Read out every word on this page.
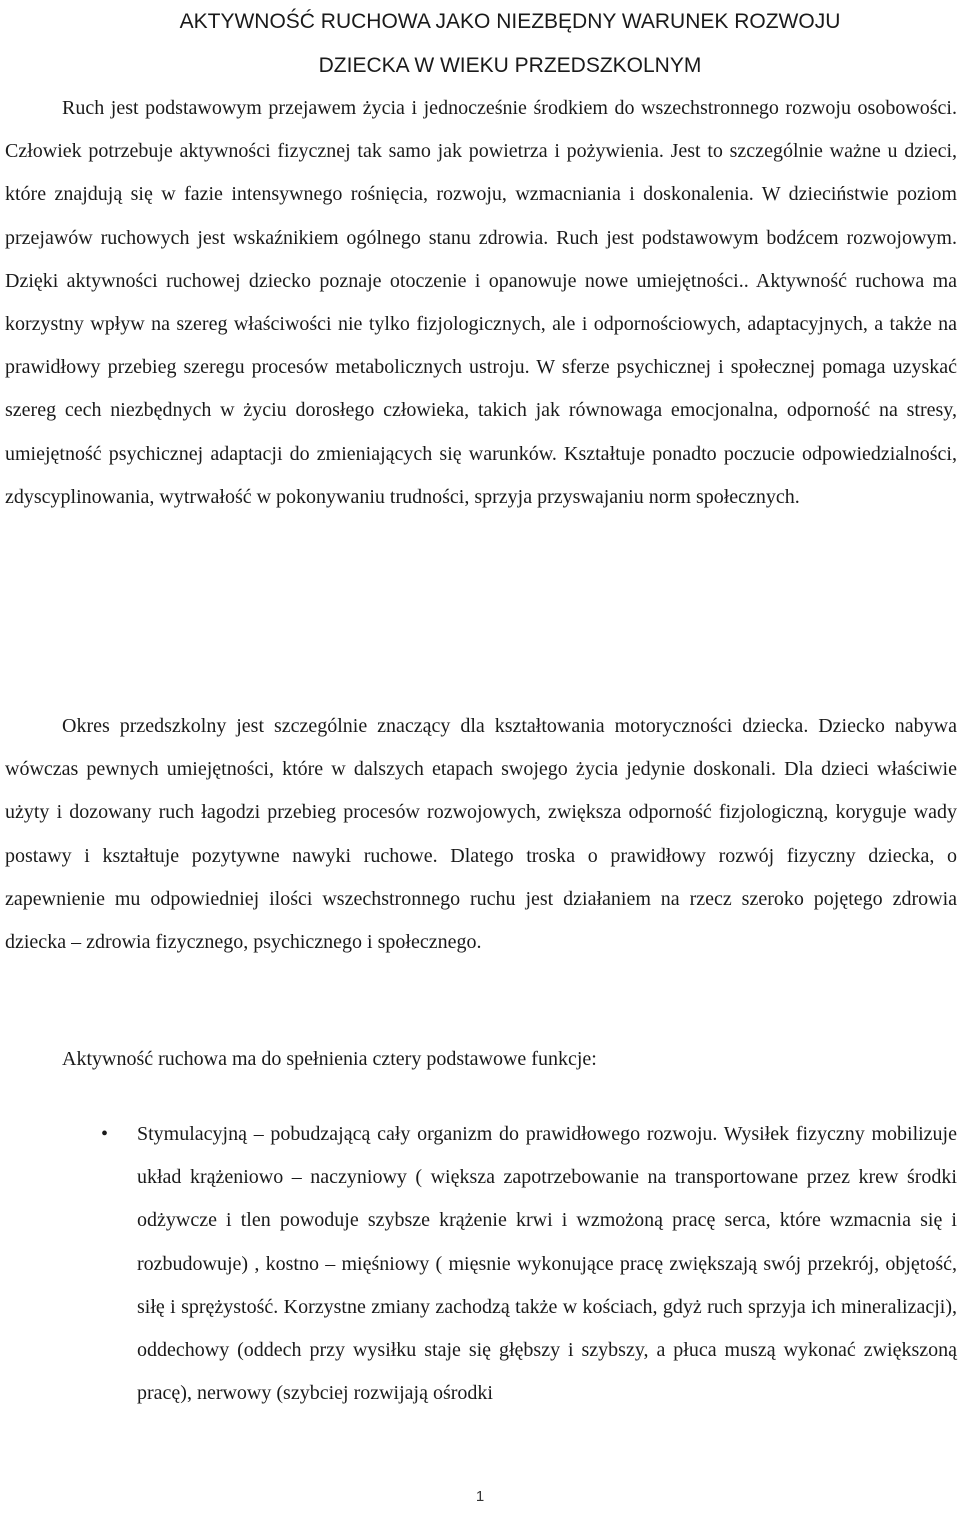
AKTYWNOŚĆ RUCHOWA JAKO NIEZBĘDNY WARUNEK ROZWOJU
DZIECKA W WIEKU PRZEDSZKOLNYM

Ruch jest podstawowym przejawem życia i jednocześnie środkiem do wszechstronnego rozwoju osobowości. Człowiek potrzebuje aktywności fizycznej tak samo jak powietrza i pożywienia. Jest to szczególnie ważne u dzieci, które znajdują się w fazie intensywnego rośnięcia, rozwoju, wzmacniania i doskonalenia. W dzieciństwie poziom przejawów ruchowych jest wskaźnikiem ogólnego stanu zdrowia. Ruch jest podstawowym bodźcem rozwojowym. Dzięki aktywności ruchowej dziecko poznaje otoczenie i opanowuje nowe umiejętności.. Aktywność ruchowa ma korzystny wpływ na szereg właściwości nie tylko fizjologicznych, ale i odpornościowych, adaptacyjnych, a także na prawidłowy przebieg szeregu procesów metabolicznych ustroju. W sferze psychicznej i społecznej pomaga uzyskać szereg cech niezbędnych w życiu dorosłego człowieka, takich jak równowaga emocjonalna, odporność na stresy, umiejętność psychicznej adaptacji do zmieniających się warunków. Kształtuje ponadto poczucie odpowiedzialności, zdyscyplinowania, wytrwałość w pokonywaniu trudności, sprzyja przyswajaniu norm społecznych.

Okres przedszkolny jest szczególnie znaczący dla kształtowania motoryczności dziecka. Dziecko nabywa wówczas pewnych umiejętności, które w dalszych etapach swojego życia jedynie doskonali. Dla dzieci właściwie użyty i dozowany ruch łagodzi przebieg procesów rozwojowych, zwiększa odporność fizjologiczną, koryguje wady postawy i kształtuje pozytywne nawyki ruchowe. Dlatego troska o prawidłowy rozwój fizyczny dziecka, o zapewnienie mu odpowiedniej ilości wszechstronnego ruchu jest działaniem na rzecz szeroko pojętego zdrowia dziecka – zdrowia fizycznego, psychicznego i społecznego.

Aktywność ruchowa ma do spełnienia cztery podstawowe funkcje:

• Stymulacyjną – pobudzającą cały organizm do prawidłowego rozwoju. Wysiłek fizyczny mobilizuje układ krążeniowo – naczyniowy ( większa zapotrzebowanie na transportowane przez krew środki odżywcze i tlen powoduje szybsze krążenie krwi i wzmożoną pracę serca, które wzmacnia się i rozbudowuje) , kostno – mięśniowy ( mięsnie wykonujące pracę zwiększają swój przekrój, objętość, siłę i sprężystość. Korzystne zmiany zachodzą także w kościach, gdyż ruch sprzyja ich mineralizacji), oddechowy (oddech przy wysiłku staje się głębszy i szybszy, a płuca muszą wykonać zwiększoną pracę), nerwowy (szybciej rozwijają ośrodki

1
